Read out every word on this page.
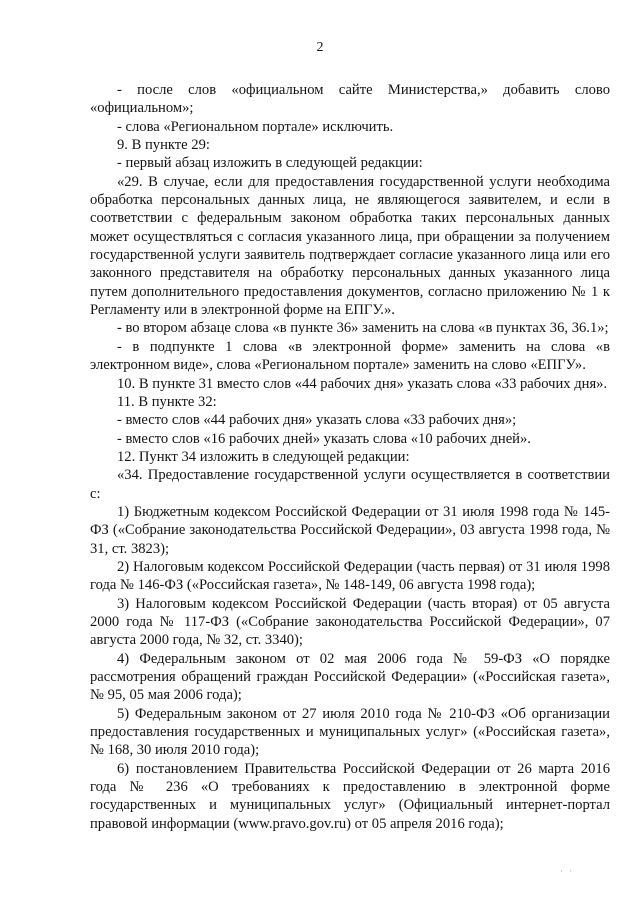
2

- после слов «официальном сайте Министерства,» добавить слово «официальном»;

- слова «Региональном портале» исключить.

9. В пункте 29:

- первый абзац изложить в следующей редакции:

«29. В случае, если для предоставления государственной услуги необходима обработка персональных данных лица, не являющегося заявителем, и если в соответствии с федеральным законом обработка таких персональных данных может осуществляться с согласия указанного лица, при обращении за получением государственной услуги заявитель подтверждает согласие указанного лица или его законного представителя на обработку персональных данных указанного лица путем дополнительного предоставления документов, согласно приложению № 1 к Регламенту или в электронной форме на ЕПГУ.».

- во втором абзаце слова «в пункте 36» заменить на слова «в пунктах 36, 36.1»;

- в подпункте 1 слова «в электронной форме» заменить на слова «в электронном виде», слова «Региональном портале» заменить на слово «ЕПГУ».

10. В пункте 31 вместо слов «44 рабочих дня» указать слова «33 рабочих дня».

11. В пункте 32:

- вместо слов «44 рабочих дня» указать слова «33 рабочих дня»;

- вместо слов «16 рабочих дней» указать слова «10 рабочих дней».

12. Пункт 34 изложить в следующей редакции:

«34. Предоставление государственной услуги осуществляется в соответствии с:

1) Бюджетным кодексом Российской Федерации от 31 июля 1998 года № 145-ФЗ («Собрание законодательства Российской Федерации», 03 августа 1998 года, № 31, ст. 3823);

2) Налоговым кодексом Российской Федерации (часть первая) от 31 июля 1998 года № 146-ФЗ («Российская газета», № 148-149, 06 августа 1998 года);

3) Налоговым кодексом Российской Федерации (часть вторая) от 05 августа 2000 года № 117-ФЗ («Собрание законодательства Российской Федерации», 07 августа 2000 года, № 32, ст. 3340);

4) Федеральным законом от 02 мая 2006 года № 59-ФЗ «О порядке рассмотрения обращений граждан Российской Федерации» («Российская газета», № 95, 05 мая 2006 года);

5) Федеральным законом от 27 июля 2010 года № 210-ФЗ «Об организации предоставления государственных и муниципальных услуг» («Российская газета», № 168, 30 июля 2010 года);

6) постановлением Правительства Российской Федерации от 26 марта 2016 года № 236 «О требованиях к предоставлению в электронной форме государственных и муниципальных услуг» (Официальный интернет-портал правовой информации (www.pravo.gov.ru) от 05 апреля 2016 года);

· ·
